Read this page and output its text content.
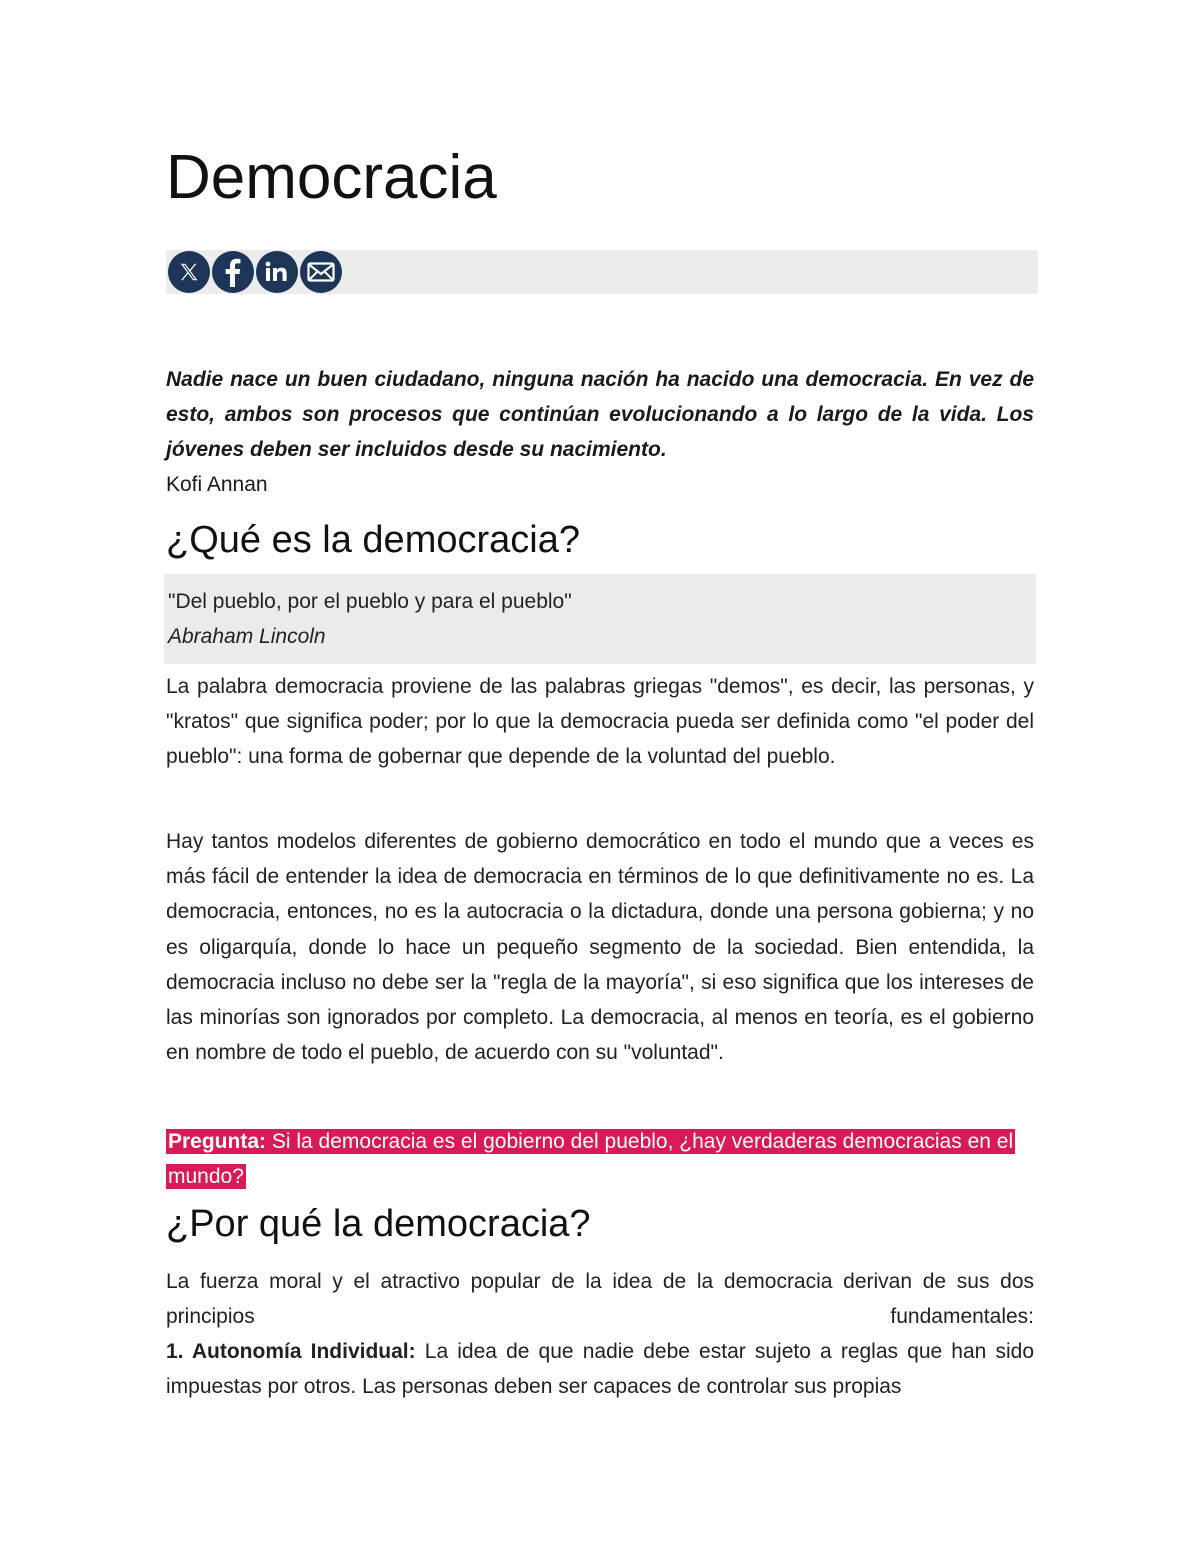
Democracia
Nadie nace un buen ciudadano, ninguna nación ha nacido una democracia. En vez de esto, ambos son procesos que continúan evolucionando a lo largo de la vida. Los jóvenes deben ser incluidos desde su nacimiento.
Kofi Annan
¿Qué es la democracia?
"Del pueblo, por el pueblo y para el pueblo"
Abraham Lincoln

La palabra democracia proviene de las palabras griegas "demos", es decir, las personas, y "kratos" que significa poder; por lo que la democracia pueda ser definida como "el poder del pueblo": una forma de gobernar que depende de la voluntad del pueblo.

Hay tantos modelos diferentes de gobierno democrático en todo el mundo que a veces es más fácil de entender la idea de democracia en términos de lo que definitivamente no es. La democracia, entonces, no es la autocracia o la dictadura, donde una persona gobierna; y no es oligarquía, donde lo hace un pequeño segmento de la sociedad. Bien entendida, la democracia incluso no debe ser la "regla de la mayoría", si eso significa que los intereses de las minorías son ignorados por completo. La democracia, al menos en teoría, es el gobierno en nombre de todo el pueblo, de acuerdo con su "voluntad".

Pregunta: Si la democracia es el gobierno del pueblo, ¿hay verdaderas democracias en el mundo?
¿Por qué la democracia?

La fuerza moral y el atractivo popular de la idea de la democracia derivan de sus dos principios fundamentales:

1. Autonomía Individual: La idea de que nadie debe estar sujeto a reglas que han sido impuestas por otros. Las personas deben ser capaces de controlar sus propias
